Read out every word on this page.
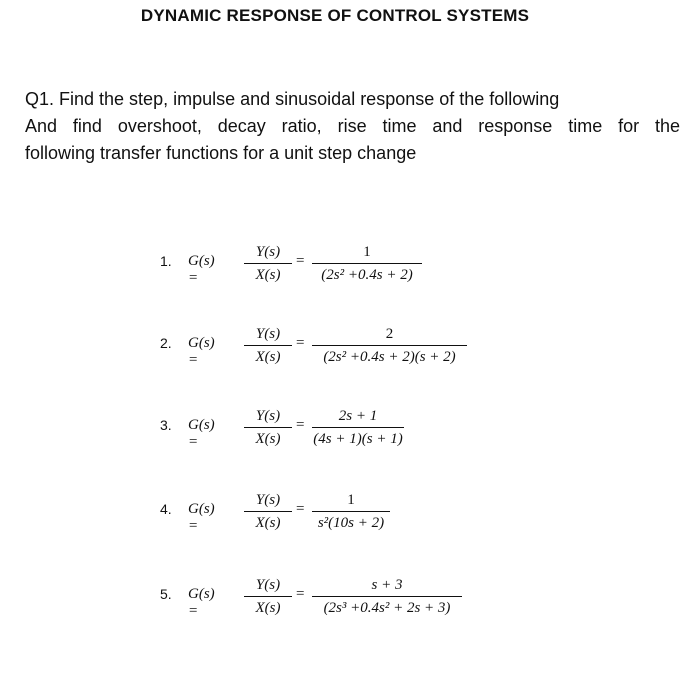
DYNAMIC RESPONSE OF CONTROL SYSTEMS
Q1. Find the step, impulse and sinusoidal response of the following
And find overshoot, decay ratio, rise time and response time for the
following transfer functions for a unit step change
1. G(s) =
Y(s)
X(s)
=
1
(2s² +0.4s + 2)
2. G(s) =
Y(s)
X(s)
=
2
(2s² +0.4s + 2)(s + 2)
3. G(s) =
Y(s)
X(s)
=
2s + 1
(4s + 1)(s + 1)
4. G(s) =
Y(s)
X(s)
=
1
s²(10s + 2)
5. G(s) =
Y(s)
X(s)
=
s + 3
(2s³ +0.4s² + 2s + 3)
